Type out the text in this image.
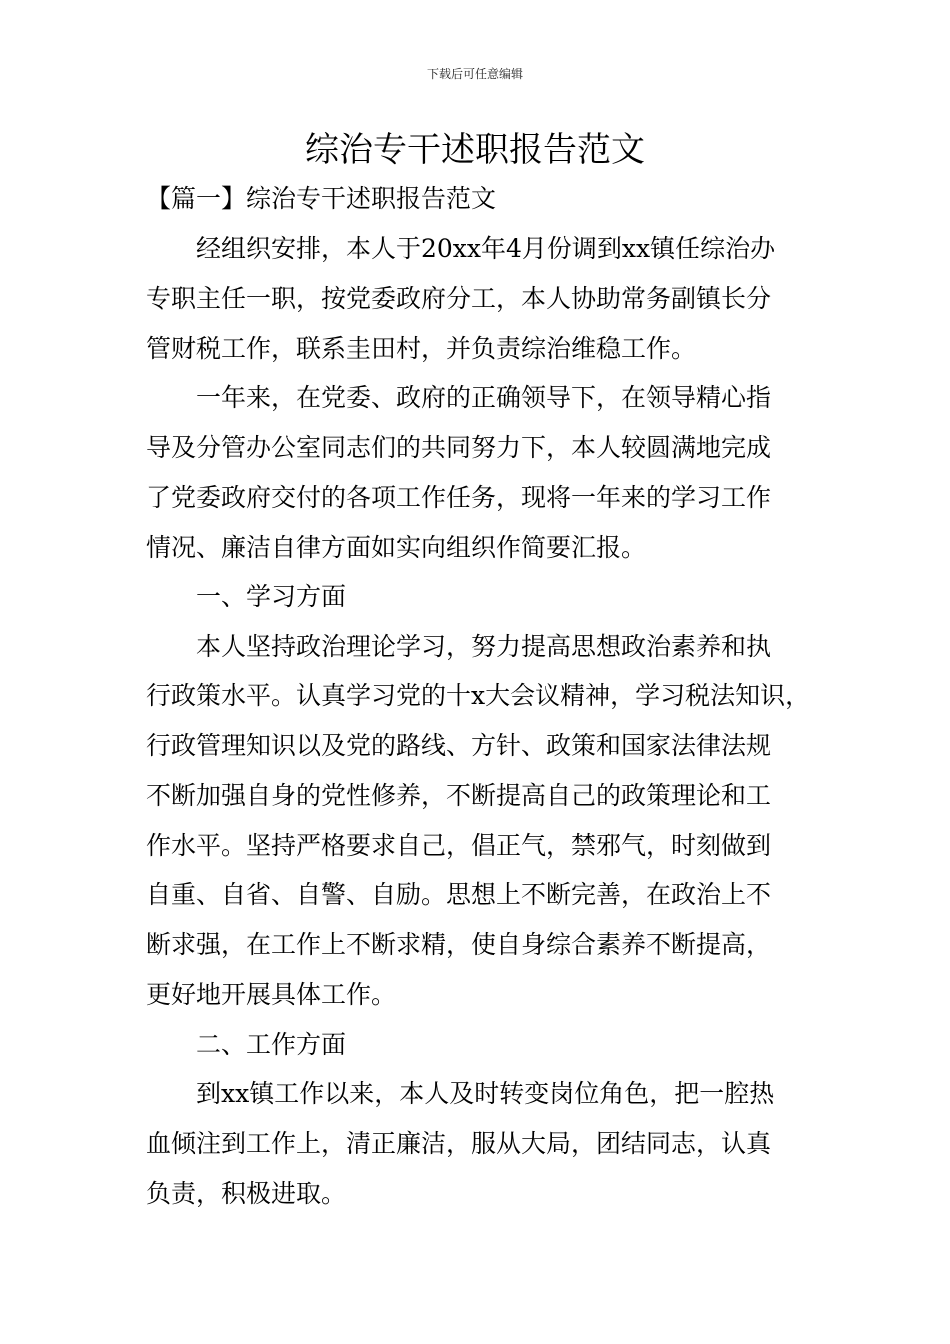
下载后可任意编辑
综治专干述职报告范文
【篇一】综治专干述职报告范文
经组织安排，本人于20xx年4月份调到xx镇任综治办
专职主任一职，按党委政府分工，本人协助常务副镇长分
管财税工作，联系圭田村，并负责综治维稳工作。
一年来，在党委、政府的正确领导下，在领导精心指
导及分管办公室同志们的共同努力下，本人较圆满地完成
了党委政府交付的各项工作任务，现将一年来的学习工作
情况、廉洁自律方面如实向组织作简要汇报。
一、学习方面
本人坚持政治理论学习，努力提高思想政治素养和执
行政策水平。认真学习党的十x大会议精神，学习税法知识，
行政管理知识以及党的路线、方针、政策和国家法律法规
不断加强自身的党性修养，不断提高自己的政策理论和工
作水平。坚持严格要求自己，倡正气，禁邪气，时刻做到
自重、自省、自警、自励。思想上不断完善，在政治上不
断求强，在工作上不断求精，使自身综合素养不断提高，
更好地开展具体工作。
二、工作方面
到xx镇工作以来，本人及时转变岗位角色，把一腔热
血倾注到工作上，清正廉洁，服从大局，团结同志，认真
负责，积极进取。
